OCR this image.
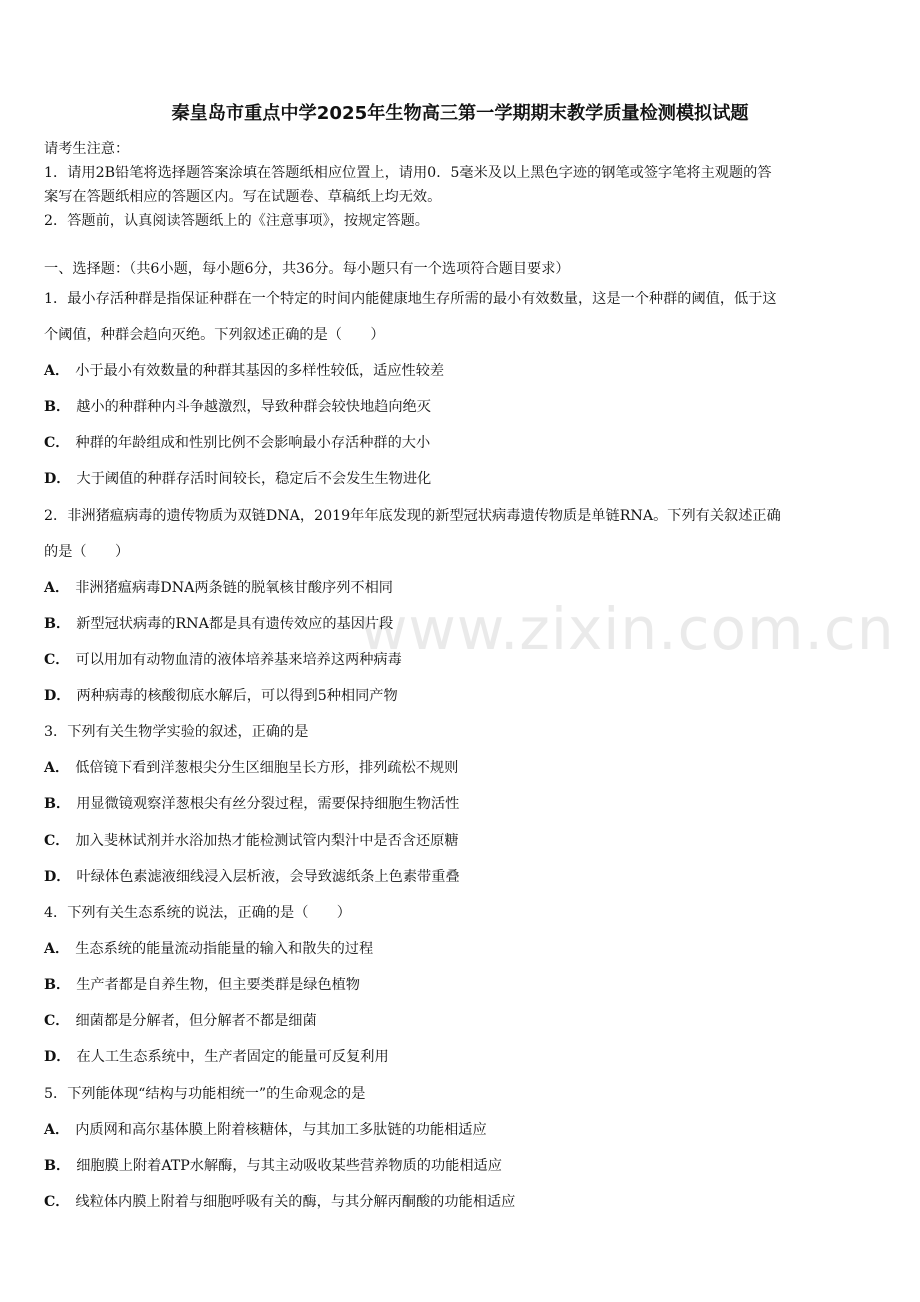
秦皇岛市重点中学2025年生物高三第一学期期末教学质量检测模拟试题
www.zixin.com.cn
请考生注意：
1．请用2B铅笔将选择题答案涂填在答题纸相应位置上，请用0．5毫米及以上黑色字迹的钢笔或签字笔将主观题的答
案写在答题纸相应的答题区内。写在试题卷、草稿纸上均无效。
2．答题前，认真阅读答题纸上的《注意事项》，按规定答题。
一、选择题：（共6小题，每小题6分，共36分。每小题只有一个选项符合题目要求）
1．最小存活种群是指保证种群在一个特定的时间内能健康地生存所需的最小有效数量，这是一个种群的阈值，低于这
个阈值，种群会趋向灭绝。下列叙述正确的是（　　）
A． 小于最小有效数量的种群其基因的多样性较低，适应性较差
B． 越小的种群种内斗争越激烈，导致种群会较快地趋向绝灭
C． 种群的年龄组成和性别比例不会影响最小存活种群的大小
D． 大于阈值的种群存活时间较长，稳定后不会发生生物进化
2．非洲猪瘟病毒的遗传物质为双链DNA，2019年年底发现的新型冠状病毒遗传物质是单链RNA。下列有关叙述正确
的是（　　）
A． 非洲猪瘟病毒DNA两条链的脱氧核甘酸序列不相同
B． 新型冠状病毒的RNA都是具有遗传效应的基因片段
C． 可以用加有动物血清的液体培养基来培养这两种病毒
D． 两种病毒的核酸彻底水解后，可以得到5种相同产物
3．下列有关生物学实验的叙述，正确的是
A． 低倍镜下看到洋葱根尖分生区细胞呈长方形，排列疏松不规则
B． 用显微镜观察洋葱根尖有丝分裂过程，需要保持细胞生物活性
C． 加入斐林试剂并水浴加热才能检测试管内梨汁中是否含还原糖
D． 叶绿体色素滤液细线浸入层析液，会导致滤纸条上色素带重叠
4．下列有关生态系统的说法，正确的是（　　）
A． 生态系统的能量流动指能量的输入和散失的过程
B． 生产者都是自养生物，但主要类群是绿色植物
C． 细菌都是分解者，但分解者不都是细菌
D． 在人工生态系统中，生产者固定的能量可反复利用
5．下列能体现“结构与功能相统一”的生命观念的是
A． 内质网和高尔基体膜上附着核糖体，与其加工多肽链的功能相适应
B． 细胞膜上附着ATP水解酶，与其主动吸收某些营养物质的功能相适应
C． 线粒体内膜上附着与细胞呼吸有关的酶，与其分解丙酮酸的功能相适应
